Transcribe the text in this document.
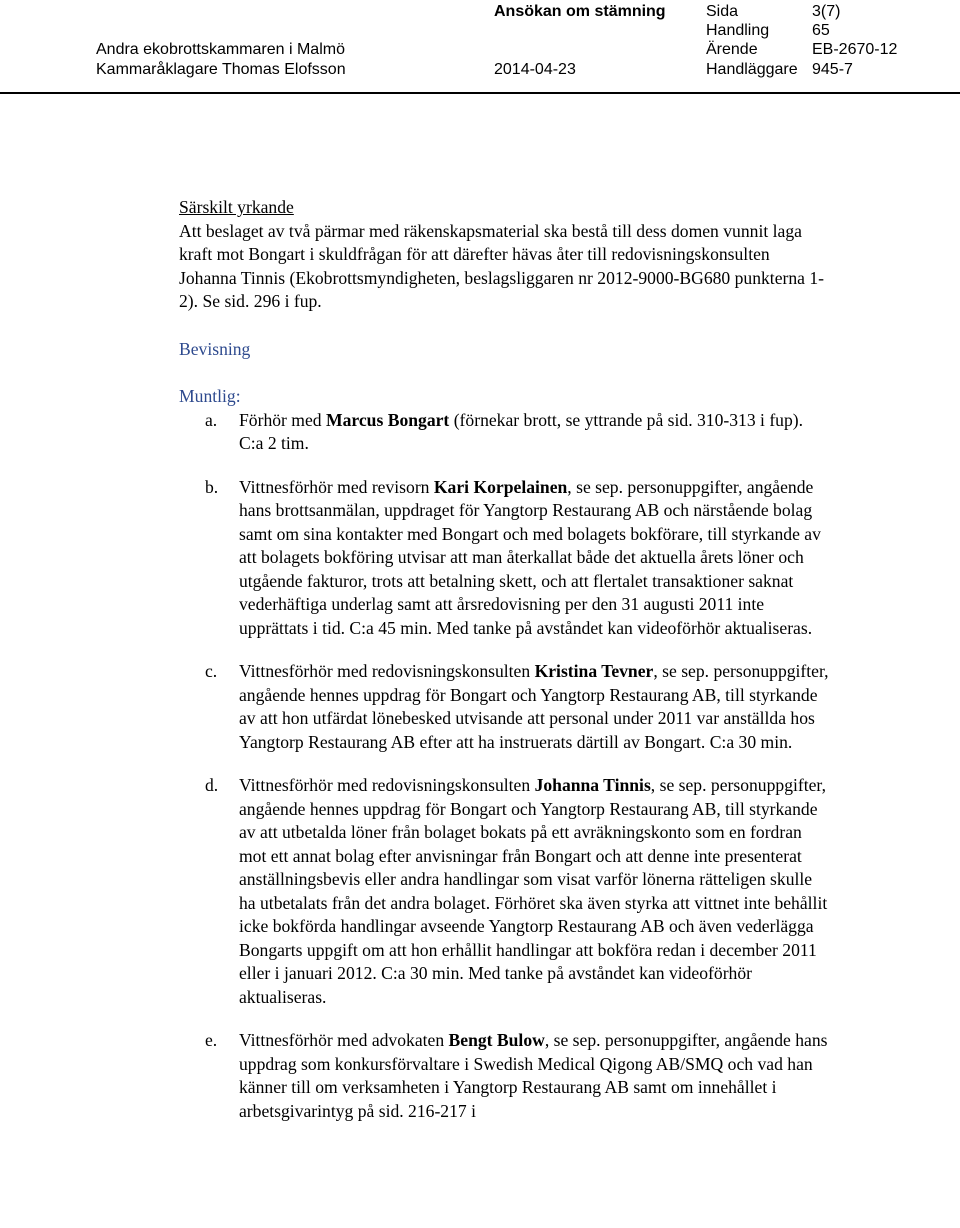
Ansökan om stämning
Andra ekobrottskammaren i Malmö
Kammaråklagare Thomas Elofsson	2014-04-23
Sida	3(7)
Handling	65
Ärende	EB-2670-12
Handläggare 945-7

Särskilt yrkande

Att beslaget av två pärmar med räkenskapsmaterial ska bestå till dess domen vunnit laga kraft mot Bongart i skuldfrågan för att därefter hävas åter till redovisningskonsulten Johanna Tinnis (Ekobrottsmyndigheten, beslagsliggaren nr 2012-9000-BG680 punkterna 1-2). Se sid. 296 i fup.

Bevisning

Muntlig:

a. Förhör med Marcus Bongart (förnekar brott, se yttrande på sid. 310-313 i fup). C:a 2 tim.
b. Vittnesförhör med revisorn Kari Korpelainen, se sep. personuppgifter, angående hans brottsanmälan, uppdraget för Yangtorp Restaurang AB och närstående bolag samt om sina kontakter med Bongart och med bolagets bokförare, till styrkande av att bolagets bokföring utvisar att man återkallat både det aktuella årets löner och utgående fakturor, trots att betalning skett, och att flertalet transaktioner saknat vederhäftiga underlag samt att årsredovisning per den 31 augusti 2011 inte upprättats i tid. C:a 45 min. Med tanke på avståndet kan videoförhör aktualiseras.
c. Vittnesförhör med redovisningskonsulten Kristina Tevner, se sep. personuppgifter, angående hennes uppdrag för Bongart och Yangtorp Restaurang AB, till styrkande av att hon utfärdat lönebesked utvisande att personal under 2011 var anställda hos Yangtorp Restaurang AB efter att ha instruerats därtill av Bongart. C:a 30 min.
d. Vittnesförhör med redovisningskonsulten Johanna Tinnis, se sep. personuppgifter, angående hennes uppdrag för Bongart och Yangtorp Restaurang AB, till styrkande av att utbetalda löner från bolaget bokats på ett avräkningskonto som en fordran mot ett annat bolag efter anvisningar från Bongart och att denne inte presenterat anställningsbevis eller andra handlingar som visat varför lönerna rätteligen skulle ha utbetalats från det andra bolaget. Förhöret ska även styrka att vittnet inte behållit icke bokförda handlingar avseende Yangtorp Restaurang AB och även vederlägga Bongarts uppgift om att hon erhållit handlingar att bokföra redan i december 2011 eller i januari 2012. C:a 30 min. Med tanke på avståndet kan videoförhör aktualiseras.
e. Vittnesförhör med advokaten Bengt Bulow, se sep. personuppgifter, angående hans uppdrag som konkursförvaltare i Swedish Medical Qigong AB/SMQ och vad han känner till om verksamheten i Yangtorp Restaurang AB samt om innehållet i arbetsgivarintyg på sid. 216-217 i
